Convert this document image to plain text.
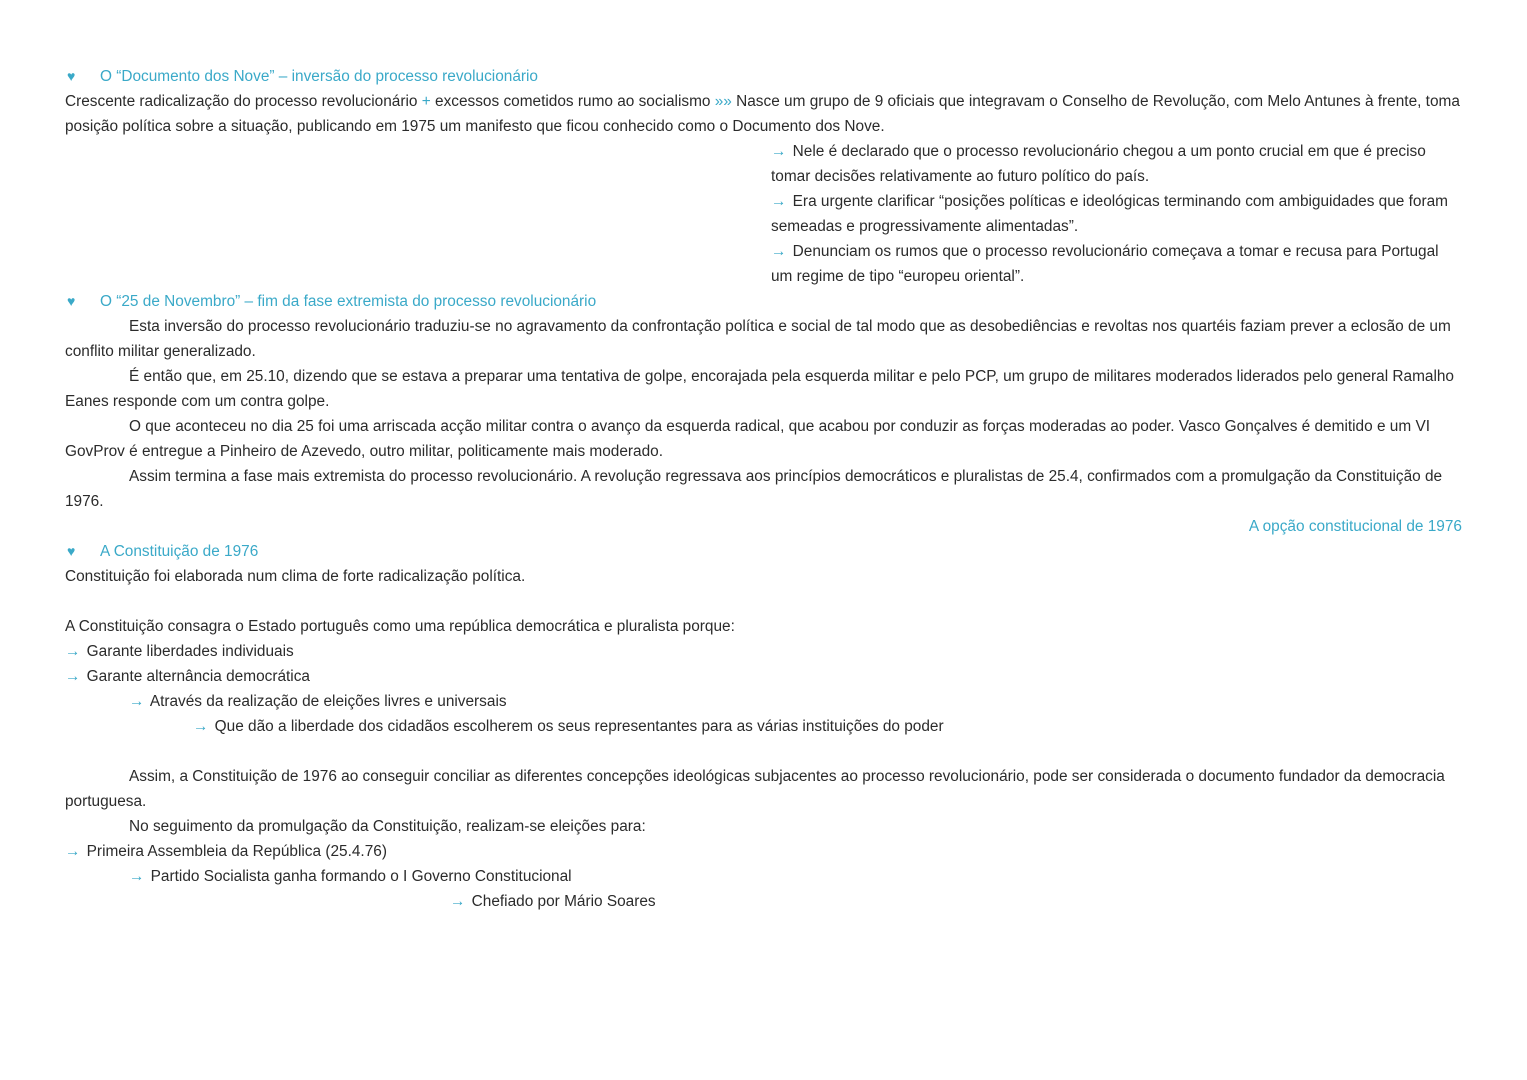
♥ O “Documento dos Nove” – inversão do processo revolucionário
Crescente radicalização do processo revolucionário + excessos cometidos rumo ao socialismo »» Nasce um grupo de 9 oficiais que integravam o Conselho de Revolução, com Melo Antunes à frente, toma
posição política sobre a situação, publicando em 1975 um manifesto que ficou conhecido como o Documento dos Nove.
→ Nele é declarado que o processo revolucionário chegou a um ponto crucial em que é preciso
tomar decisões relativamente ao futuro político do país.
→ Era urgente clarificar “posições políticas e ideológicas terminando com ambiguidades que foram
semeadas e progressivamente alimentadas”.
→ Denunciam os rumos que o processo revolucionário começava a tomar e recusa para Portugal
um regime de tipo “europeu oriental”.
♥ O “25 de Novembro” – fim da fase extremista do processo revolucionário
Esta inversão do processo revolucionário traduziu-se no agravamento da confrontação política e social de tal modo que as desobediências e revoltas nos quartéis faziam prever a eclosão de um
conflito militar generalizado.
É então que, em 25.10, dizendo que se estava a preparar uma tentativa de golpe, encorajada pela esquerda militar e pelo PCP, um grupo de militares moderados liderados pelo general Ramalho
Eanes responde com um contra golpe.
O que aconteceu no dia 25 foi uma arriscada acção militar contra o avanço da esquerda radical, que acabou por conduzir as forças moderadas ao poder. Vasco Gonçalves é demitido e um VI
GovProv é entregue a Pinheiro de Azevedo, outro militar, politicamente mais moderado.
Assim termina a fase mais extremista do processo revolucionário. A revolução regressava aos princípios democráticos e pluralistas de 25.4, confirmados com a promulgação da Constituição de
1976.
A opção constitucional de 1976
♥ A Constituição de 1976
Constituição foi elaborada num clima de forte radicalização política.
A Constituição consagra o Estado português como uma república democrática e pluralista porque:
→ Garante liberdades individuais
→ Garante alternância democrática
→ Através da realização de eleições livres e universais
→ Que dão a liberdade dos cidadãos escolherem os seus representantes para as várias instituições do poder
Assim, a Constituição de 1976 ao conseguir conciliar as diferentes concepções ideológicas subjacentes ao processo revolucionário, pode ser considerada o documento fundador da democracia
portuguesa.
No seguimento da promulgação da Constituição, realizam-se eleições para:
→ Primeira Assembleia da República (25.4.76)
→ Partido Socialista ganha formando o I Governo Constitucional
→ Chefiado por Mário Soares
